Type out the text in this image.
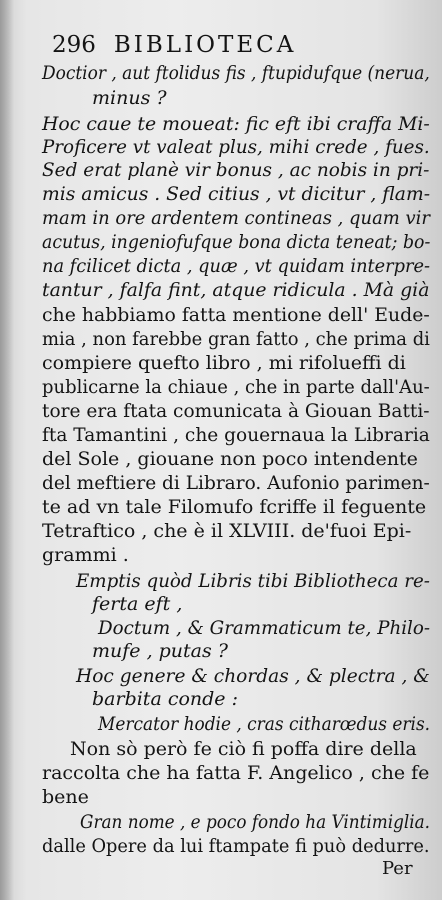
296 BIBLIOTECA
Doctior , aut ftolidus fis , ftupidufque (nerua,
minus ?
Hoc caue te moueat: fic eft ibi craffa Mi-
Proficere vt valeat plus, mihi crede , fues.
Sed erat planè vir bonus , ac nobis in pri-
mis amicus . Sed citius , vt dicitur , flam-
mam in ore ardentem contineas , quam vir
acutus, ingeniofufque bona dicta teneat; bo-
na fcilicet dicta , quæ , vt quidam interpre-
tantur , falfa fint, atque ridicula . Mà già
che habbiamo fatta mentione dell' Eude-
mia , non farebbe gran fatto , che prima di
compiere quefto libro , mi rifolueffi di
publicarne la chiaue , che in parte dall'Au-
tore era ftata comunicata à Giouan Batti-
fta Tamantini , che gouernaua la Libraria
del Sole , giouane non poco intendente
del meftiere di Libraro. Aufonio parimen-
te ad vn tale Filomufo fcriffe il feguente
Tetraftico , che è il XLVIII. de'fuoi Epi-
grammi .
Emptis quòd Libris tibi Bibliotheca re-
ferta eft ,
Doctum , & Grammaticum te, Philo-
mufe , putas ?
Hoc genere & chordas , & plectra , &
barbita conde :
Mercator hodie , cras citharœdus eris.
Non sò però fe ciò fi poffa dire della
raccolta che ha fatta F. Angelico , che fe
bene
Gran nome , e poco fondo ha Vintimiglia.
dalle Opere da lui ftampate fi può dedurre.
Per
